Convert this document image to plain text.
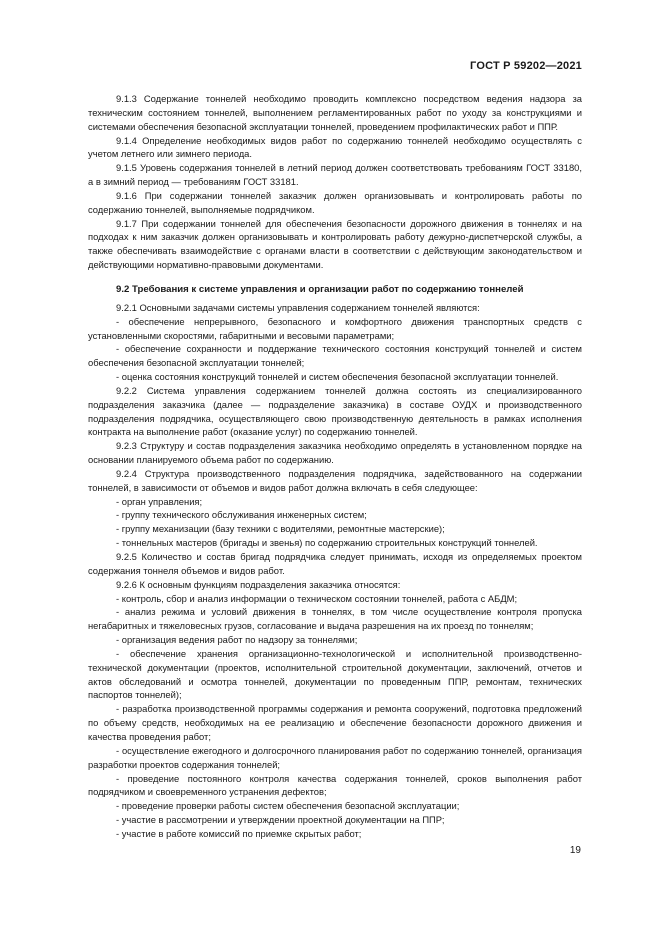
ГОСТ Р 59202—2021

9.1.3 Содержание тоннелей необходимо проводить комплексно посредством ведения надзора за техническим состоянием тоннелей, выполнением регламентированных работ по уходу за конструкциями и системами обеспечения безопасной эксплуатации тоннелей, проведением профилактических работ и ППР.

9.1.4 Определение необходимых видов работ по содержанию тоннелей необходимо осуществлять с учетом летнего или зимнего периода.

9.1.5 Уровень содержания тоннелей в летний период должен соответствовать требованиям ГОСТ 33180, а в зимний период — требованиям ГОСТ 33181.

9.1.6 При содержании тоннелей заказчик должен организовывать и контролировать работы по содержанию тоннелей, выполняемые подрядчиком.

9.1.7 При содержании тоннелей для обеспечения безопасности дорожного движения в тоннелях и на подходах к ним заказчик должен организовывать и контролировать работу дежурно-диспетчерской службы, а также обеспечивать взаимодействие с органами власти в соответствии с действующим законодательством и действующими нормативно-правовыми документами.

9.2 Требования к системе управления и организации работ по содержанию тоннелей

9.2.1 Основными задачами системы управления содержанием тоннелей являются:

- обеспечение непрерывного, безопасного и комфортного движения транспортных средств с установленными скоростями, габаритными и весовыми параметрами;

- обеспечение сохранности и поддержание технического состояния конструкций тоннелей и систем обеспечения безопасной эксплуатации тоннелей;

- оценка состояния конструкций тоннелей и систем обеспечения безопасной эксплуатации тоннелей.

9.2.2 Система управления содержанием тоннелей должна состоять из специализированного подразделения заказчика (далее — подразделение заказчика) в составе ОУДХ и производственного подразделения подрядчика, осуществляющего свою производственную деятельность в рамках исполнения контракта на выполнение работ (оказание услуг) по содержанию тоннелей.

9.2.3 Структуру и состав подразделения заказчика необходимо определять в установленном порядке на основании планируемого объема работ по содержанию.

9.2.4 Структура производственного подразделения подрядчика, задействованного на содержании тоннелей, в зависимости от объемов и видов работ должна включать в себя следующее:

- орган управления;

- группу технического обслуживания инженерных систем;

- группу механизации (базу техники с водителями, ремонтные мастерские);

- тоннельных мастеров (бригады и звенья) по содержанию строительных конструкций тоннелей.

9.2.5 Количество и состав бригад подрядчика следует принимать, исходя из определяемых проектом содержания тоннеля объемов и видов работ.

9.2.6 К основным функциям подразделения заказчика относятся:

- контроль, сбор и анализ информации о техническом состоянии тоннелей, работа с АБДМ;

- анализ режима и условий движения в тоннелях, в том числе осуществление контроля пропуска негабаритных и тяжеловесных грузов, согласование и выдача разрешения на их проезд по тоннелям;

- организация ведения работ по надзору за тоннелями;

- обеспечение хранения организационно-технологической и исполнительной производственно-технической документации (проектов, исполнительной строительной документации, заключений, отчетов и актов обследований и осмотра тоннелей, документации по проведенным ППР, ремонтам, технических паспортов тоннелей);

- разработка производственной программы содержания и ремонта сооружений, подготовка предложений по объему средств, необходимых на ее реализацию и обеспечение безопасности дорожного движения и качества проведения работ;

- осуществление ежегодного и долгосрочного планирования работ по содержанию тоннелей, организация разработки проектов содержания тоннелей;

- проведение постоянного контроля качества содержания тоннелей, сроков выполнения работ подрядчиком и своевременного устранения дефектов;

- проведение проверки работы систем обеспечения безопасной эксплуатации;

- участие в рассмотрении и утверждении проектной документации на ППР;

- участие в работе комиссий по приемке скрытых работ;

19
